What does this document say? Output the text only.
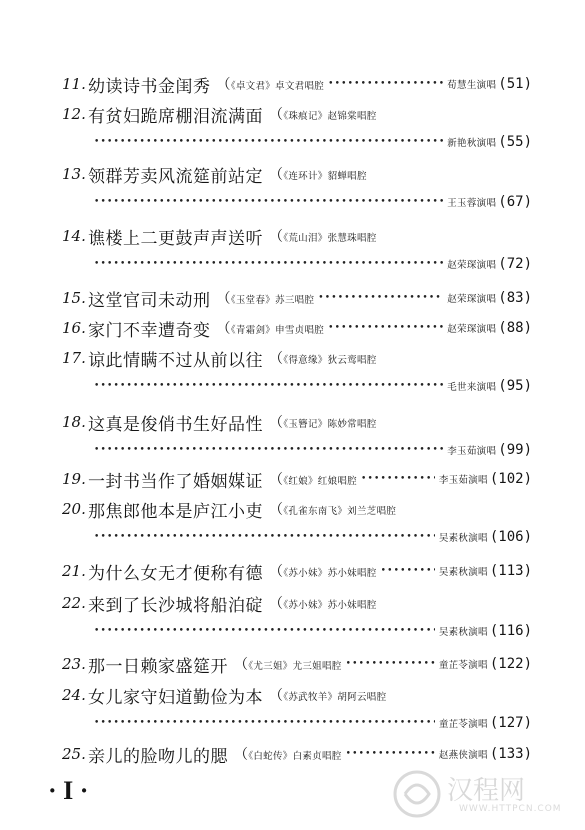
11. 幼读诗书金闺秀 （《卓文君》卓文君唱腔 •••••	荀慧生演唱 (51)
12. 有贫妇跪席棚泪流满面 （《珠痕记》赵锦棠唱腔
•••••
新艳秋演唱 (55)
13. 领群芳卖风流筵前站定 （《连环计》貂蝉唱腔
•••••
王玉蓉演唱 (67)
14. 谯楼上二更鼓声声送听 （《荒山泪》张慧珠唱腔
•••••
赵荣琛演唱 (72)
15. 这堂官司未动刑 （《玉堂春》苏三唱腔 •••••	赵荣琛演唱 (83)
16. 家门不幸遭奇变 （《青霜剑》申雪贞唱腔 •••••	赵荣琛演唱 (88)
17. 谅此情瞒不过从前以往 （《得意缘》狄云鸾唱腔
•••••
毛世来演唱 (95)
18. 这真是俊俏书生好品性 （《玉簪记》陈妙常唱腔
•••••
李玉茹演唱 (99)
19. 一封书当作了婚姻媒证 （《红娘》红娘唱腔 •••••	李玉茹演唱 (102)
20. 那焦郎他本是庐江小吏 （《孔雀东南飞》刘兰芝唱腔
•••••
吴素秋演唱 (106)
21. 为什么女无才便称有德 （《苏小妹》苏小妹唱腔 •••••	吴素秋演唱 (113)
22. 来到了长沙城将船泊碇 （《苏小妹》苏小妹唱腔
•••••
吴素秋演唱 (116)
23. 那一日赖家盛筵开 （《尤三姐》尤三姐唱腔 •••••	童芷苓演唱 (122)
24. 女儿家守妇道勤俭为本 （《苏武牧羊》胡阿云唱腔
•••••
童芷苓演唱 (127)
25. 亲儿的脸吻儿的腮 （《白蛇传》白素贞唱腔 •••••	赵燕侠演唱 (133)
· I ·	汉程网
WWW.HTTPCN.COM
